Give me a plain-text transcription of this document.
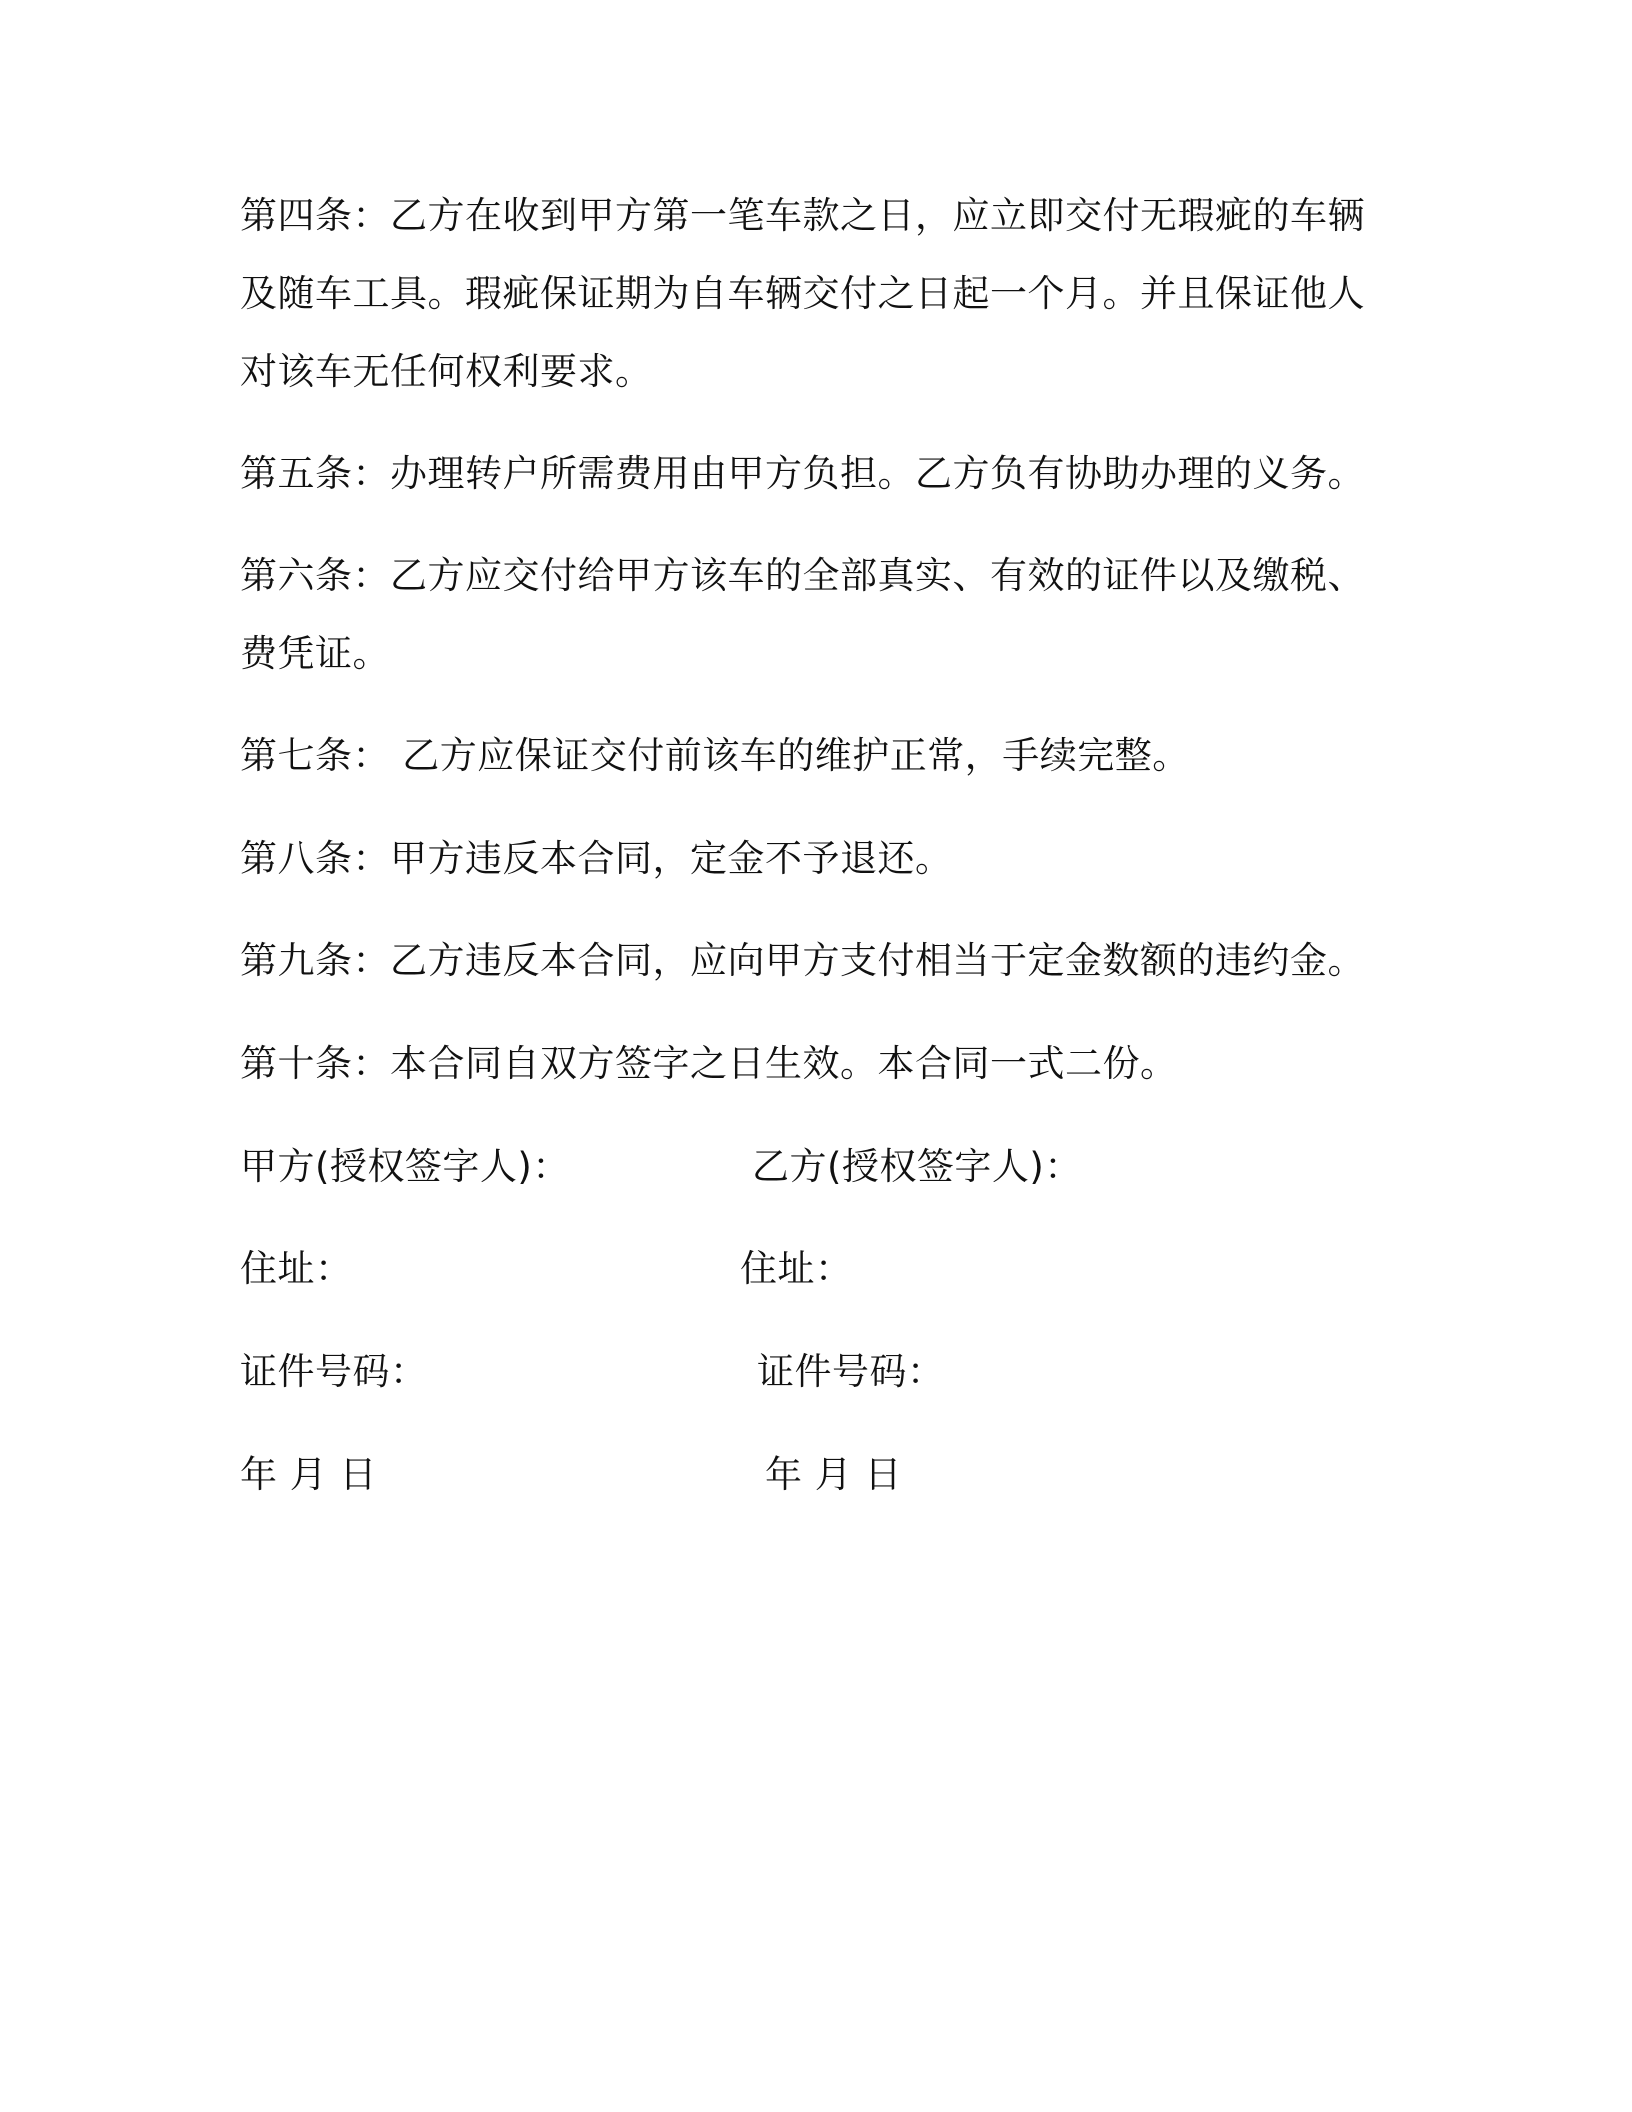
第四条：乙方在收到甲方第一笔车款之日，应立即交付无瑕疵的车辆
及随车工具。瑕疵保证期为自车辆交付之日起一个月。并且保证他人
对该车无任何权利要求。
第五条：办理转户所需费用由甲方负担。乙方负有协助办理的义务。
第六条：乙方应交付给甲方该车的全部真实、有效的证件以及缴税、
费凭证。
第七条： 乙方应保证交付前该车的维护正常，手续完整。
第八条：甲方违反本合同，定金不予退还。
第九条：乙方违反本合同，应向甲方支付相当于定金数额的违约金。
第十条：本合同自双方签字之日生效。本合同一式二份。
甲方(授权签字人)：	乙方(授权签字人)：
住址：	住址：
证件号码：	证件号码：
年 月 日	年 月 日
